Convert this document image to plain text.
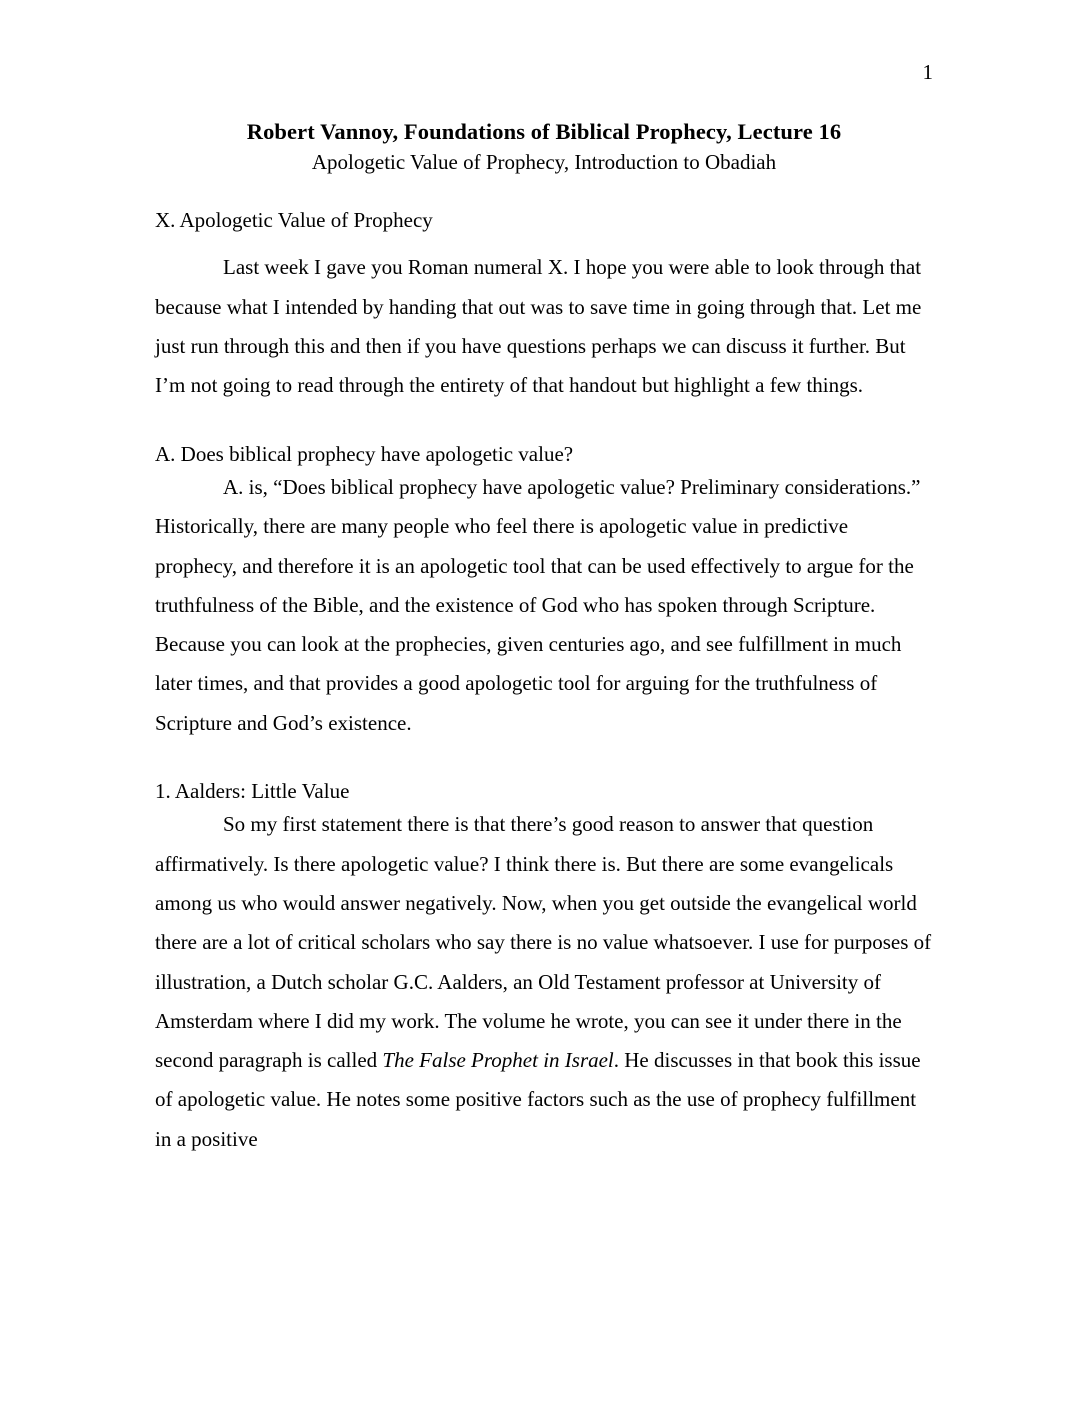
1
Robert Vannoy, Foundations of Biblical Prophecy, Lecture 16
Apologetic Value of Prophecy, Introduction to Obadiah
X. Apologetic Value of Prophecy

Last week I gave you Roman numeral X. I hope you were able to look through that because what I intended by handing that out was to save time in going through that. Let me just run through this and then if you have questions perhaps we can discuss it further. But I’m not going to read through the entirety of that handout but highlight a few things.

A. Does biblical prophecy have apologetic value?

A. is, “Does biblical prophecy have apologetic value? Preliminary considerations.” Historically, there are many people who feel there is apologetic value in predictive prophecy, and therefore it is an apologetic tool that can be used effectively to argue for the truthfulness of the Bible, and the existence of God who has spoken through Scripture. Because you can look at the prophecies, given centuries ago, and see fulfillment in much later times, and that provides a good apologetic tool for arguing for the truthfulness of Scripture and God’s existence.

1. Aalders: Little Value

So my first statement there is that there’s good reason to answer that question affirmatively. Is there apologetic value? I think there is. But there are some evangelicals among us who would answer negatively. Now, when you get outside the evangelical world there are a lot of critical scholars who say there is no value whatsoever. I use for purposes of illustration, a Dutch scholar G.C. Aalders, an Old Testament professor at University of Amsterdam where I did my work. The volume he wrote, you can see it under there in the second paragraph is called The False Prophet in Israel. He discusses in that book this issue of apologetic value. He notes some positive factors such as the use of prophecy fulfillment in a positive
